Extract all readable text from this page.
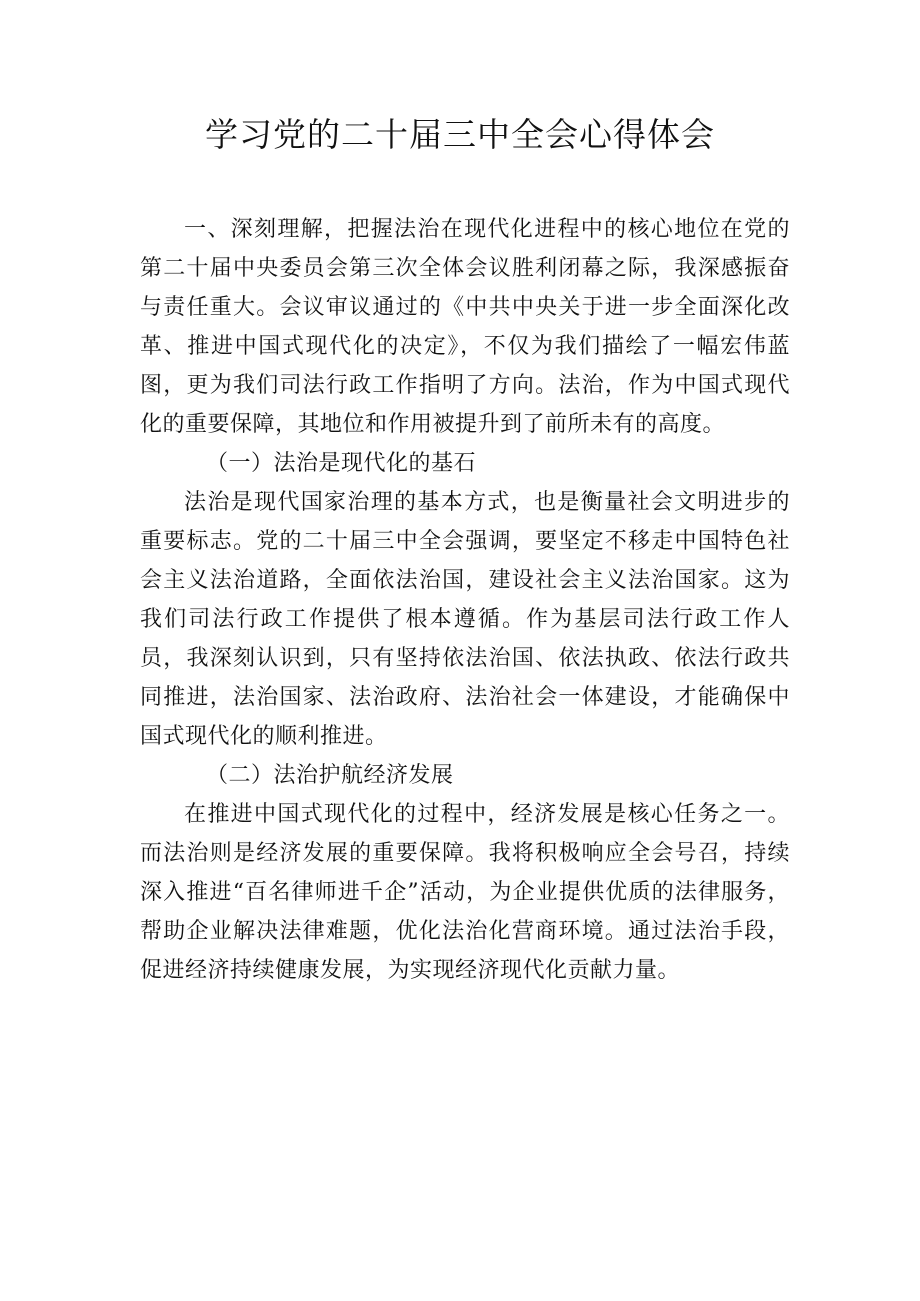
学习党的二十届三中全会心得体会

一、深刻理解，把握法治在现代化进程中的核心地位在党的第二十届中央委员会第三次全体会议胜利闭幕之际，我深感振奋与责任重大。会议审议通过的《中共中央关于进一步全面深化改革、推进中国式现代化的决定》，不仅为我们描绘了一幅宏伟蓝图，更为我们司法行政工作指明了方向。法治，作为中国式现代化的重要保障，其地位和作用被提升到了前所未有的高度。

（一）法治是现代化的基石

法治是现代国家治理的基本方式，也是衡量社会文明进步的重要标志。党的二十届三中全会强调，要坚定不移走中国特色社会主义法治道路，全面依法治国，建设社会主义法治国家。这为我们司法行政工作提供了根本遵循。作为基层司法行政工作人员，我深刻认识到，只有坚持依法治国、依法执政、依法行政共同推进，法治国家、法治政府、法治社会一体建设，才能确保中国式现代化的顺利推进。

（二）法治护航经济发展

在推进中国式现代化的过程中，经济发展是核心任务之一。而法治则是经济发展的重要保障。我将积极响应全会号召，持续深入推进“百名律师进千企”活动，为企业提供优质的法律服务，帮助企业解决法律难题，优化法治化营商环境。通过法治手段，促进经济持续健康发展，为实现经济现代化贡献力量。
